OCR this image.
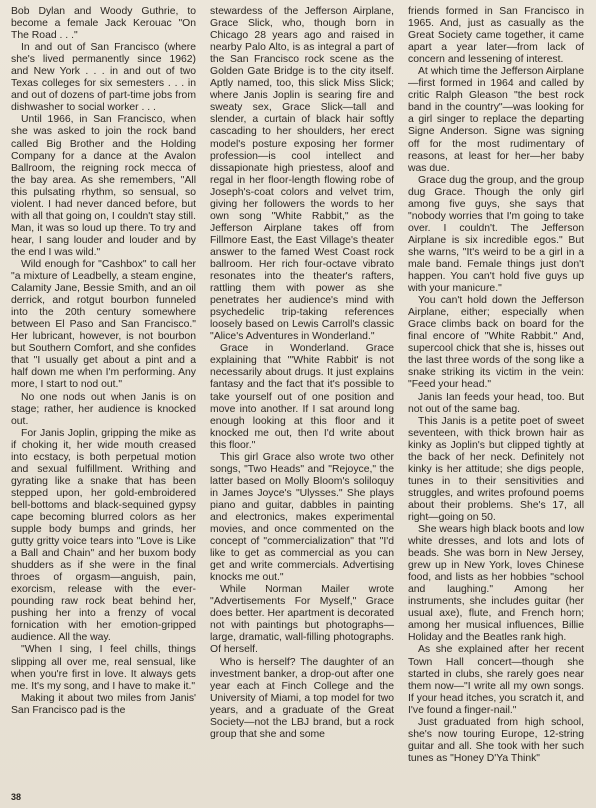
Bob Dylan and Woody Guthrie, to become a female Jack Kerouac "On The Road . . ."

In and out of San Francisco (where she's lived permanently since 1962) and New York . . . in and out of two Texas colleges for six semesters . . . in and out of dozens of part-time jobs from dishwasher to social worker . . .

Until 1966, in San Francisco, when she was asked to join the rock band called Big Brother and the Holding Company for a dance at the Avalon Ballroom, the reigning rock mecca of the bay area. As she remembers, "All this pulsating rhythm, so sensual, so violent. I had never danced before, but with all that going on, I couldn't stay still. Man, it was so loud up there. To try and hear, I sang louder and louder and by the end I was wild."

Wild enough for "Cashbox" to call her "a mixture of Leadbelly, a steam engine, Calamity Jane, Bessie Smith, and an oil derrick, and rotgut bourbon funneled into the 20th century somewhere between El Paso and San Francisco." Her lubricant, however, is not bourbon but Southern Comfort, and she confides that "I usually get about a pint and a half down me when I'm performing. Any more, I start to nod out."

No one nods out when Janis is on stage; rather, her audience is knocked out.

For Janis Joplin, gripping the mike as if choking it, her wide mouth creased into ecstacy, is both perpetual motion and sexual fulfillment. Writhing and gyrating like a snake that has been stepped upon, her gold-embroidered bell-bottoms and black-sequined gypsy cape becoming blurred colors as her supple body bumps and grinds, her gutty gritty voice tears into "Love is Like a Ball and Chain" and her buxom body shudders as if she were in the final throes of orgasm—anguish, pain, exorcism, release with the ever-pounding raw rock beat behind her, pushing her into a frenzy of vocal fornication with her emotion-gripped audience. All the way.

"When I sing, I feel chills, things slipping all over me, real sensual, like when you're first in love. It always gets me. It's my song, and I have to make it."

Making it about two miles from Janis' San Francisco pad is the

stewardess of the Jefferson Airplane, Grace Slick, who, though born in Chicago 28 years ago and raised in nearby Palo Alto, is as integral a part of the San Francisco rock scene as the Golden Gate Bridge is to the city itself. Aptly named, too, this slick Miss Slick; where Janis Joplin is searing fire and sweaty sex, Grace Slick—tall and slender, a curtain of black hair softly cascading to her shoulders, her erect model's posture exposing her former profession—is cool intellect and dissapionate high priestess, aloof and regal in her floor-length flowing robe of Joseph's-coat colors and velvet trim, giving her followers the words to her own song "White Rabbit," as the Jefferson Airplane takes off from Fillmore East, the East Village's theater answer to the famed West Coast rock ballroom. Her rich four-octave vibrato resonates into the theater's rafters, rattling them with power as she penetrates her audience's mind with psychedelic trip-taking references loosely based on Lewis Carroll's classic "Alice's Adventures in Wonderland."

Grace in Wonderland. Grace explaining that "'White Rabbit' is not necessarily about drugs. It just explains fantasy and the fact that it's possible to take yourself out of one position and move into another. If I sat around long enough looking at this floor and it knocked me out, then I'd write about this floor."

This girl Grace also wrote two other songs, "Two Heads" and "Rejoyce," the latter based on Molly Bloom's soliloquy in James Joyce's "Ulysses." She plays piano and guitar, dabbles in painting and electronics, makes experimental movies, and once commented on the concept of "commercialization" that "I'd like to get as commercial as you can get and write commercials. Advertising knocks me out."

While Norman Mailer wrote "Advertisements For Myself," Grace does better. Her apartment is decorated not with paintings but photographs—large, dramatic, wall-filling photographs. Of herself.

Who is herself? The daughter of an investment banker, a drop-out after one year each at Finch College and the University of Miami, a top model for two years, and a graduate of the Great Society—not the LBJ brand, but a rock group that she and some

friends formed in San Francisco in 1965. And, just as casually as the Great Society came together, it came apart a year later—from lack of concern and lessening of interest.

At which time the Jefferson Airplane—first formed in 1964 and called by critic Ralph Gleason "the best rock band in the country"—was looking for a girl singer to replace the departing Signe Anderson. Signe was signing off for the most rudimentary of reasons, at least for her—her baby was due.

Grace dug the group, and the group dug Grace. Though the only girl among five guys, she says that "nobody worries that I'm going to take over. I couldn't. The Jefferson Airplane is six incredible egos." But she warns, "It's weird to be a girl in a male band. Female things just don't happen. You can't hold five guys up with your manicure."

You can't hold down the Jefferson Airplane, either; especially when Grace climbs back on board for the final encore of "White Rabbit." And, supercool chick that she is, hisses out the last three words of the song like a snake striking its victim in the vein: "Feed your head."

Janis Ian feeds your head, too. But not out of the same bag.

This Janis is a petite poet of sweet seventeen, with thick brown hair as kinky as Joplin's but clipped tightly at the back of her neck. Definitely not kinky is her attitude; she digs people, tunes in to their sensitivities and struggles, and writes profound poems about their problems. She's 17, all right—going on 50.

She wears high black boots and low white dresses, and lots and lots of beads. She was born in New Jersey, grew up in New York, loves Chinese food, and lists as her hobbies "school and laughing." Among her instruments, she includes guitar (her usual axe), flute, and French horn; among her musical influences, Billie Holiday and the Beatles rank high.

As she explained after her recent Town Hall concert—though she started in clubs, she rarely goes near them now—"I write all my own songs. If your head itches, you scratch it, and I've found a finger-nail."

Just graduated from high school, she's now touring Europe, 12-string guitar and all. She took with her such tunes as "Honey D'Ya Think"

38
